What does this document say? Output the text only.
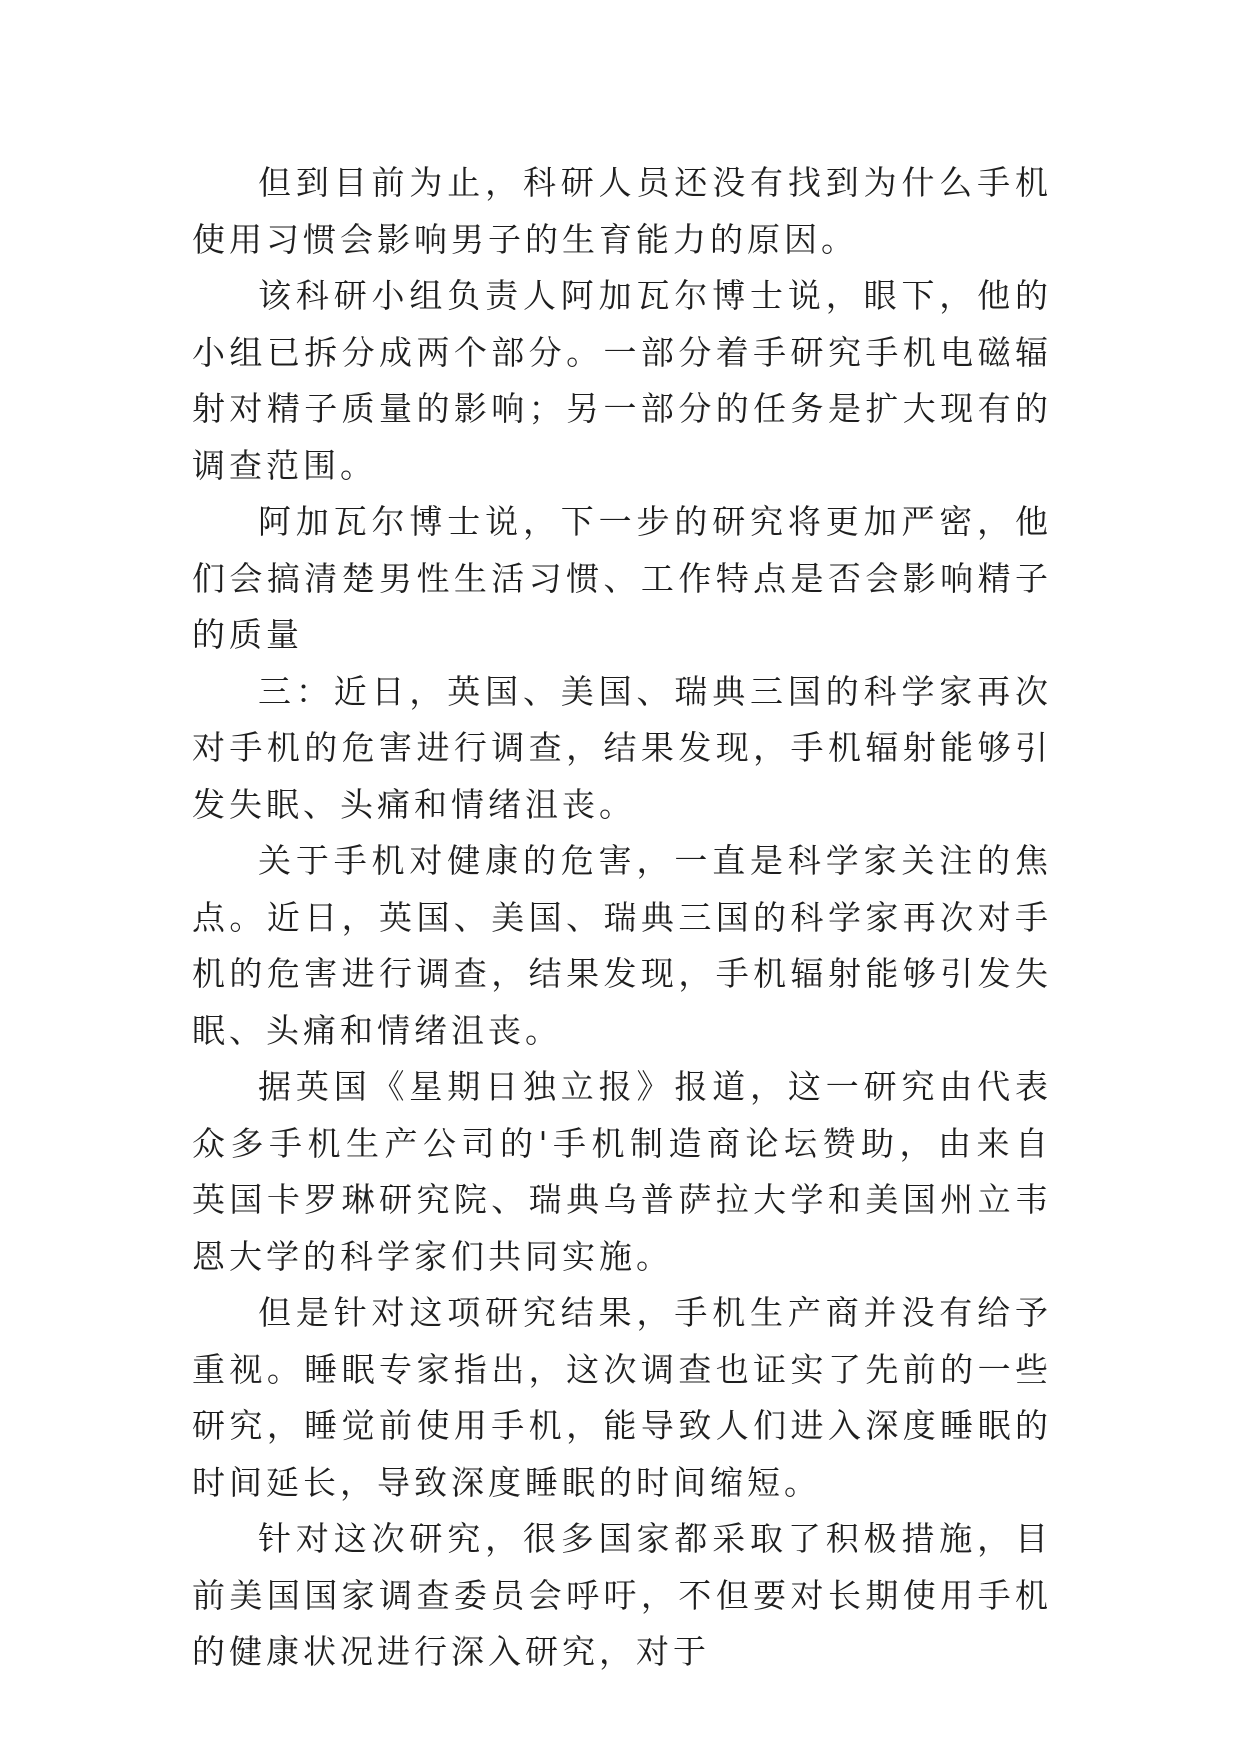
但到目前为止，科研人员还没有找到为什么手机使用习惯会影响男子的生育能力的原因。

该科研小组负责人阿加瓦尔博士说，眼下，他的小组已拆分成两个部分。一部分着手研究手机电磁辐射对精子质量的影响；另一部分的任务是扩大现有的调查范围。

阿加瓦尔博士说，下一步的研究将更加严密，他们会搞清楚男性生活习惯、工作特点是否会影响精子的质量

三：近日，英国、美国、瑞典三国的科学家再次对手机的危害进行调查，结果发现，手机辐射能够引发失眠、头痛和情绪沮丧。

关于手机对健康的危害，一直是科学家关注的焦点。近日，英国、美国、瑞典三国的科学家再次对手机的危害进行调查，结果发现，手机辐射能够引发失眠、头痛和情绪沮丧。

据英国《星期日独立报》报道，这一研究由代表众多手机生产公司的'手机制造商论坛赞助，由来自英国卡罗琳研究院、瑞典乌普萨拉大学和美国州立韦恩大学的科学家们共同实施。

但是针对这项研究结果，手机生产商并没有给予重视。睡眠专家指出，这次调查也证实了先前的一些研究，睡觉前使用手机，能导致人们进入深度睡眠的时间延长，导致深度睡眠的时间缩短。

针对这次研究，很多国家都采取了积极措施，目前美国国家调查委员会呼吁，不但要对长期使用手机的健康状况进行深入研究，对于
